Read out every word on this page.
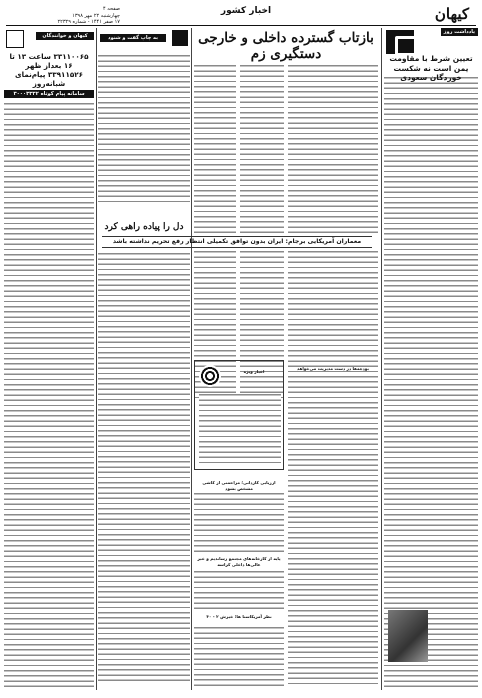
کیهان
اخبار کشور
صفحه ۴
چهارشنبه ۲۲ مهر ۱۳۹۸
۱۷ صفر ۱۴۴۱ - شماره ۲۲۳۲۹
یادداشت روز
تعیین شرط با مقاومت یمن است نه شکست خوردگان سعودی
بازتاب گسترده داخلی و خارجی دستگیری زم
معماران آمریکایی برجام: ایران بدون توافق تکمیلی انتظار رفع تحریم نداشته باشد
اخبار ویژه
بودجه‌ها در دست مدیریت می‌خواهد
ارزیابی کاردانی؛ مزاحمتی از کاشی مشخص بشود
پایه از کارخانه‌های مجتمع رساندیم و خبر عالی‌ها داخلی کراسه
نظر آمریکاستا ها؛ خیزش ۲ - ۳۰
به چاپ گفت و شنود
دل را پیاده راهی کرد
کیهان و خوانندگان
۳۳۱۱۰۰۶۵ ساعت ۱۳ تا ۱۶ بعداز ظهر
۳۳۹۱۱۵۲۶ پیام‌نمای شبانه‌روز
سامانه پیام کوتاه ۳۰۰۰۳۳۳۲
